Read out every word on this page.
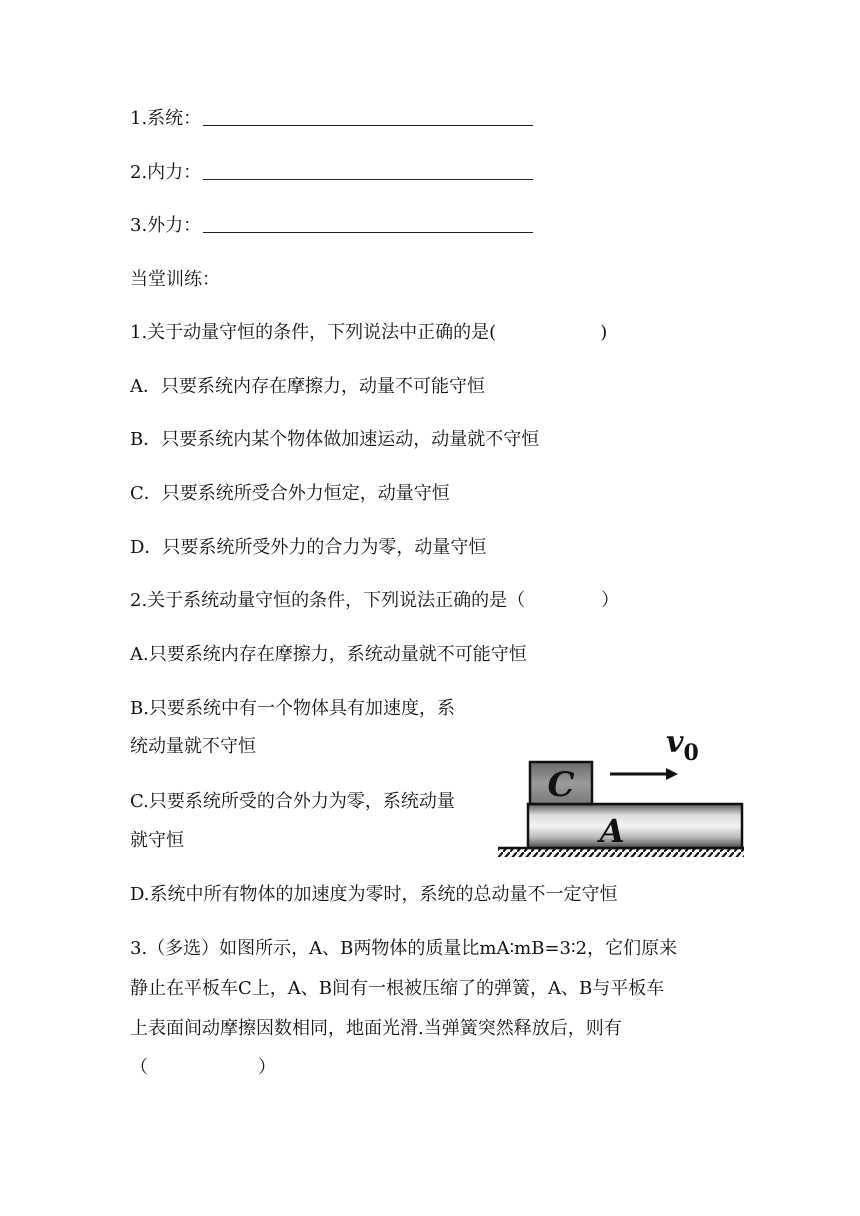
1.系统：
2.内力：
3.外力：
当堂训练：
1.关于动量守恒的条件，下列说法中正确的是(	)
A．只要系统内存在摩擦力，动量不可能守恒
B．只要系统内某个物体做加速运动，动量就不守恒
C．只要系统所受合外力恒定，动量守恒
D．只要系统所受外力的合力为零，动量守恒
2.关于系统动量守恒的条件，下列说法正确的是（	）
A.只要系统内存在摩擦力，系统动量就不可能守恒
B.只要系统中有一个物体具有加速度，系
统动量就不守恒
C.只要系统所受的合外力为零，系统动量
就守恒
D.系统中所有物体的加速度为零时，系统的总动量不一定守恒
C
A
$v_0$
3.（多选）如图所示，A、B两物体的质量比mA∶mB=3∶2，它们原来
静止在平板车C上，A、B间有一根被压缩了的弹簧，A、B与平板车
上表面间动摩擦因数相同，地面光滑.当弹簧突然释放后，则有
（	）
